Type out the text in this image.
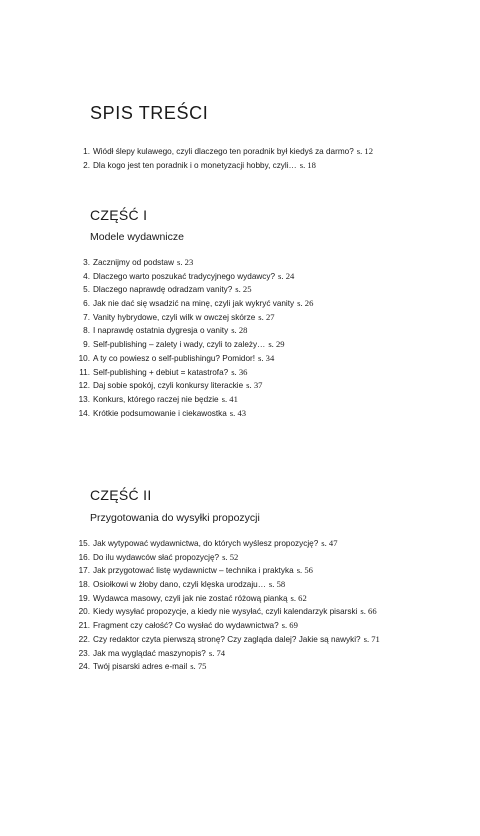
SPIS TREŚCI
1. Wiódł ślepy kulawego, czyli dlaczego ten poradnik był kiedyś za darmo? s. 12
2. Dla kogo jest ten poradnik i o monetyzacji hobby, czyli… s. 18
CZĘŚĆ I
Modele wydawnicze
3. Zacznijmy od podstaw s. 23
4. Dlaczego warto poszukać tradycyjnego wydawcy? s. 24
5. Dlaczego naprawdę odradzam vanity? s. 25
6. Jak nie dać się wsadzić na minę, czyli jak wykryć vanity s. 26
7. Vanity hybrydowe, czyli wilk w owczej skórze s. 27
8. I naprawdę ostatnia dygresja o vanity s. 28
9. Self-publishing – zalety i wady, czyli to zależy… s. 29
10. A ty co powiesz o self-publishingu? Pomidor! s. 34
11. Self-publishing + debiut = katastrofa? s. 36
12. Daj sobie spokój, czyli konkursy literackie s. 37
13. Konkurs, którego raczej nie będzie s. 41
14. Krótkie podsumowanie i ciekawostka s. 43
CZĘŚĆ II
Przygotowania do wysyłki propozycji
15. Jak wytypować wydawnictwa, do których wyślesz propozycję? s. 47
16. Do ilu wydawców słać propozycję? s. 52
17. Jak przygotować listę wydawnictw – technika i praktyka s. 56
18. Osiołkowi w żłoby dano, czyli klęska urodzaju… s. 58
19. Wydawca masowy, czyli jak nie zostać różową pianką s. 62
20. Kiedy wysyłać propozycje, a kiedy nie wysyłać, czyli kalendarzyk pisarski s. 66
21. Fragment czy całość? Co wysłać do wydawnictwa? s. 69
22. Czy redaktor czyta pierwszą stronę? Czy zagląda dalej? Jakie są nawyki? s. 71
23. Jak ma wyglądać maszynopis? s. 74
24. Twój pisarski adres e-mail s. 75
